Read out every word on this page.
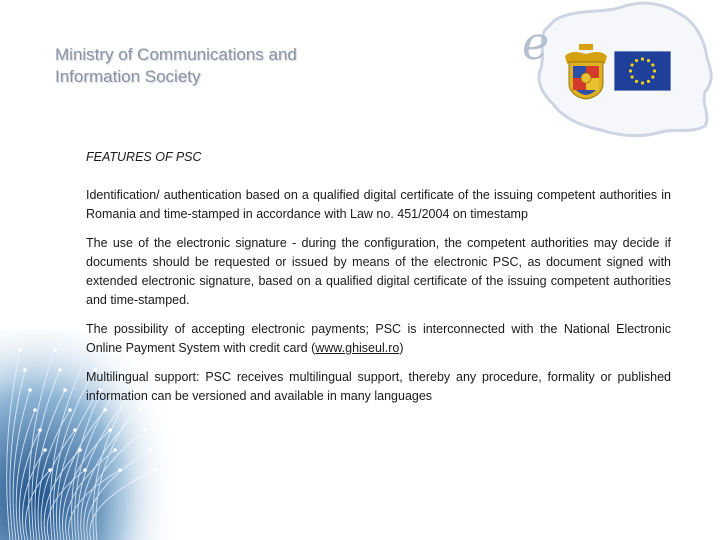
e
Ministry of Communications and
Information Society

FEATURES OF PSC

Identification/ authentication based on a qualified digital certificate of the issuing competent authorities in Romania and time-stamped in accordance with Law no. 451/2004 on timestamp

The use of the electronic signature - during the configuration, the competent authorities may decide if documents should be requested or issued by means of the electronic PSC, as document signed with extended electronic signature, based on a qualified digital certificate of the issuing competent authorities and time-stamped.

The possibility of accepting electronic payments; PSC is interconnected with the National Electronic Online Payment System with credit card (www.ghiseul.ro)

Multilingual support: PSC receives multilingual support, thereby any procedure, formality or published information can be versioned and available in many languages
